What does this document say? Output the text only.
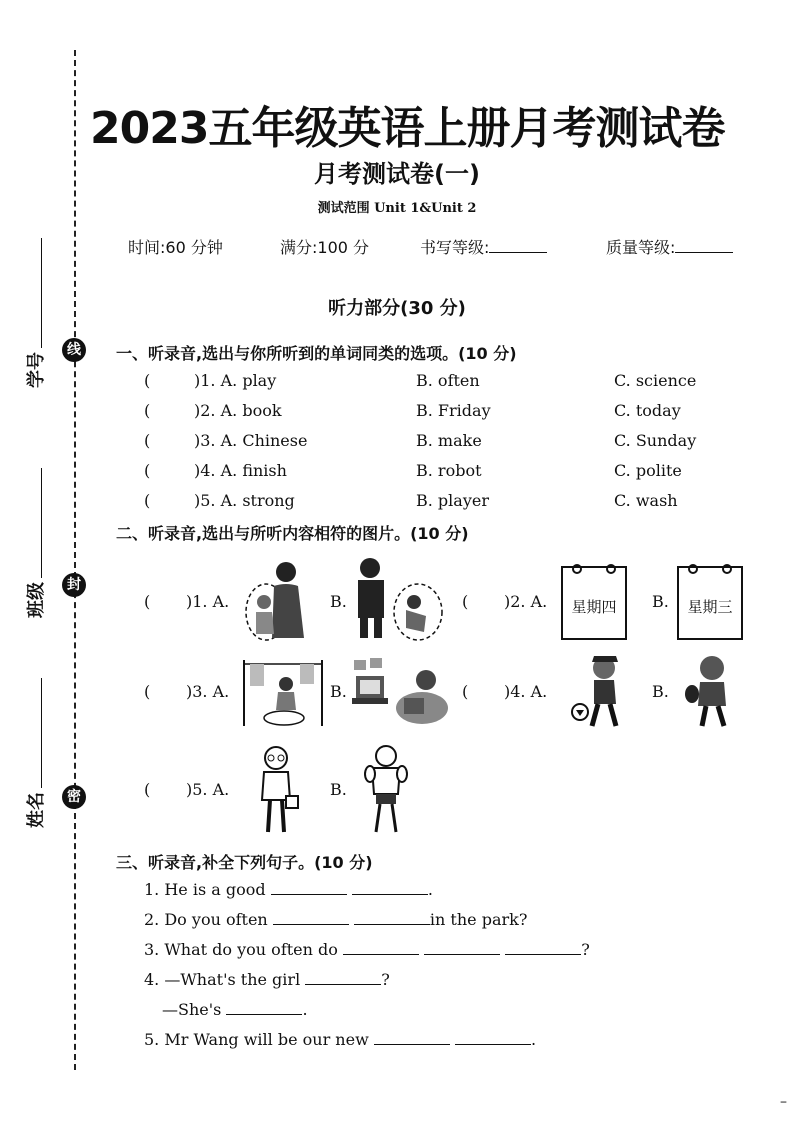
线
封
密
学号
班级
姓名
2023五年级英语上册月考测试卷
月考测试卷(一)
测试范围 Unit 1&Unit 2
时间:60 分钟	满分:100 分	书写等级:	质量等级:
听力部分(30 分)
一、听录音,选出与你所听到的单词同类的选项。(10 分)
(	)1. A. play	B. often	C. science
(	)2. A. book	B. Friday	C. today
(	)3. A. Chinese	B. make	C. Sunday
(	)4. A. finish	B. robot	C. polite
(	)5. A. strong	B. player	C. wash
二、听录音,选出与所听内容相符的图片。(10 分)
( )1. A.	B.	( )2. A.	星期四	B.	星期三
( )3. A.	B.	( )4. A.	B.
( )5. A.	B.
三、听录音,补全下列句子。(10 分)
1. He is a good	.
2. Do you often	in the park?
3. What do you often do	?
4. —What's the girl	?
—She's	.
5. Mr Wang will be our new	.
–
